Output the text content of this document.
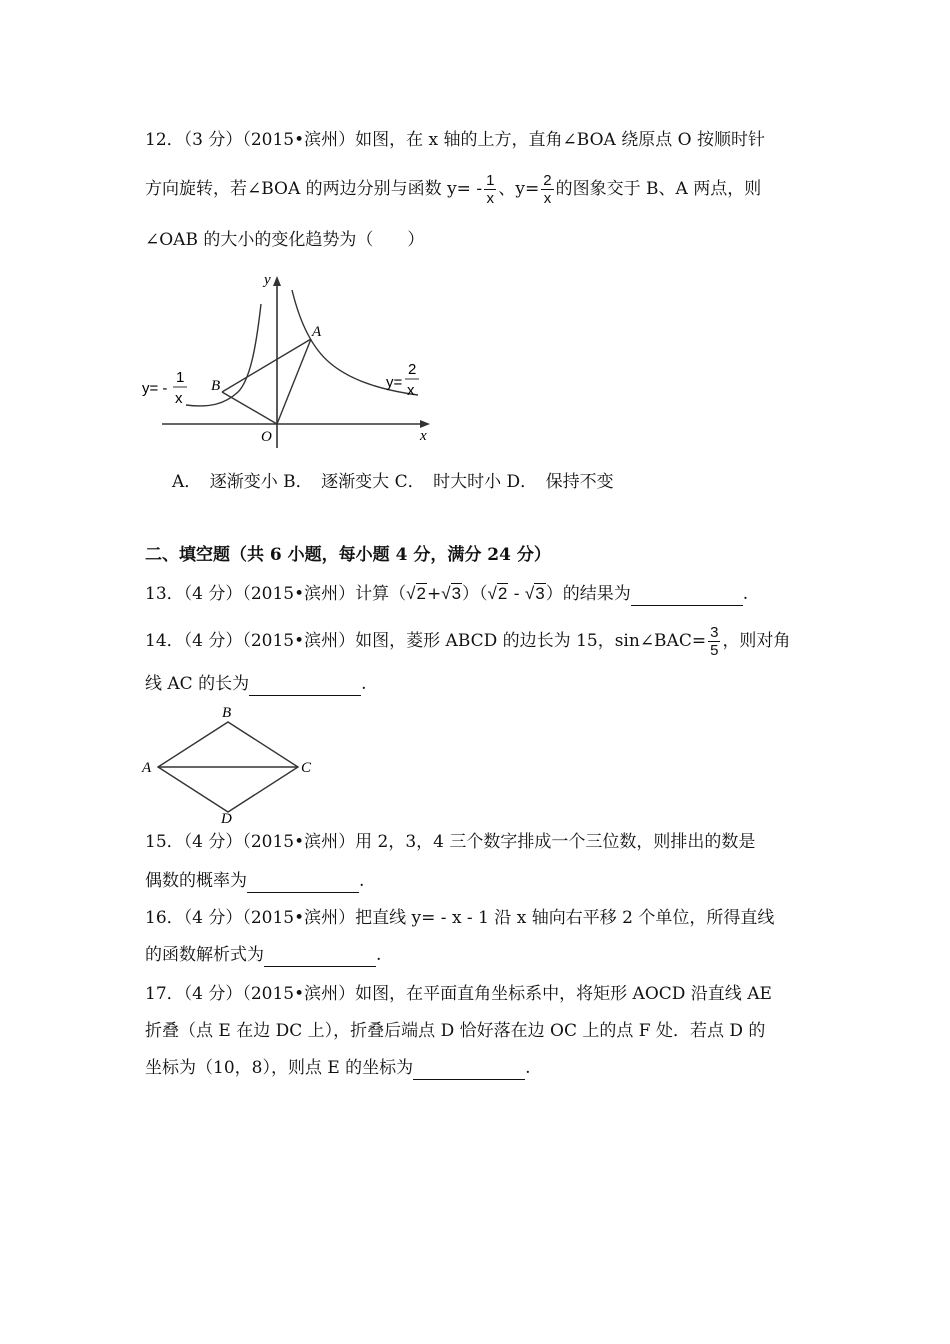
12．（3 分）（2015•滨州）如图，在 x 轴的上方，直角∠BOA 绕原点 O 按顺时针
方向旋转，若∠BOA 的两边分别与函数 $y= - \frac{1}{x}$ 、$y= \frac{2}{x}$ 的图象交于 B、A 两点，则
∠OAB 的大小的变化趋势为（　　）
y
x
O
A
B
y= -
1
x
y=
2
x
A．　逐渐变小 B．　逐渐变大 C．　时大时小 D．　保持不变
二、填空题（共 6 小题，每小题 4 分，满分 24 分）
13．（4 分）（2015•滨州）计算（√2+√3）（√2 - √3）的结果为	.
14．（4 分）（2015•滨州）如图，菱形 ABCD 的边长为 15，sin∠BAC= $\frac{3}{5}$ ，则对角
线 AC 的长为	.
B
A	C
D
15．（4 分）（2015•滨州）用 2，3，4 三个数字排成一个三位数，则排出的数是
偶数的概率为	.
16．（4 分）（2015•滨州）把直线 y= - x - 1 沿 x 轴向右平移 2 个单位，所得直线
的函数解析式为	.
17．（4 分）（2015•滨州）如图，在平面直角坐标系中，将矩形 AOCD 沿直线 AE
折叠（点 E 在边 DC 上），折叠后端点 D 恰好落在边 OC 上的点 F 处．若点 D 的
坐标为（10，8），则点 E 的坐标为	.
